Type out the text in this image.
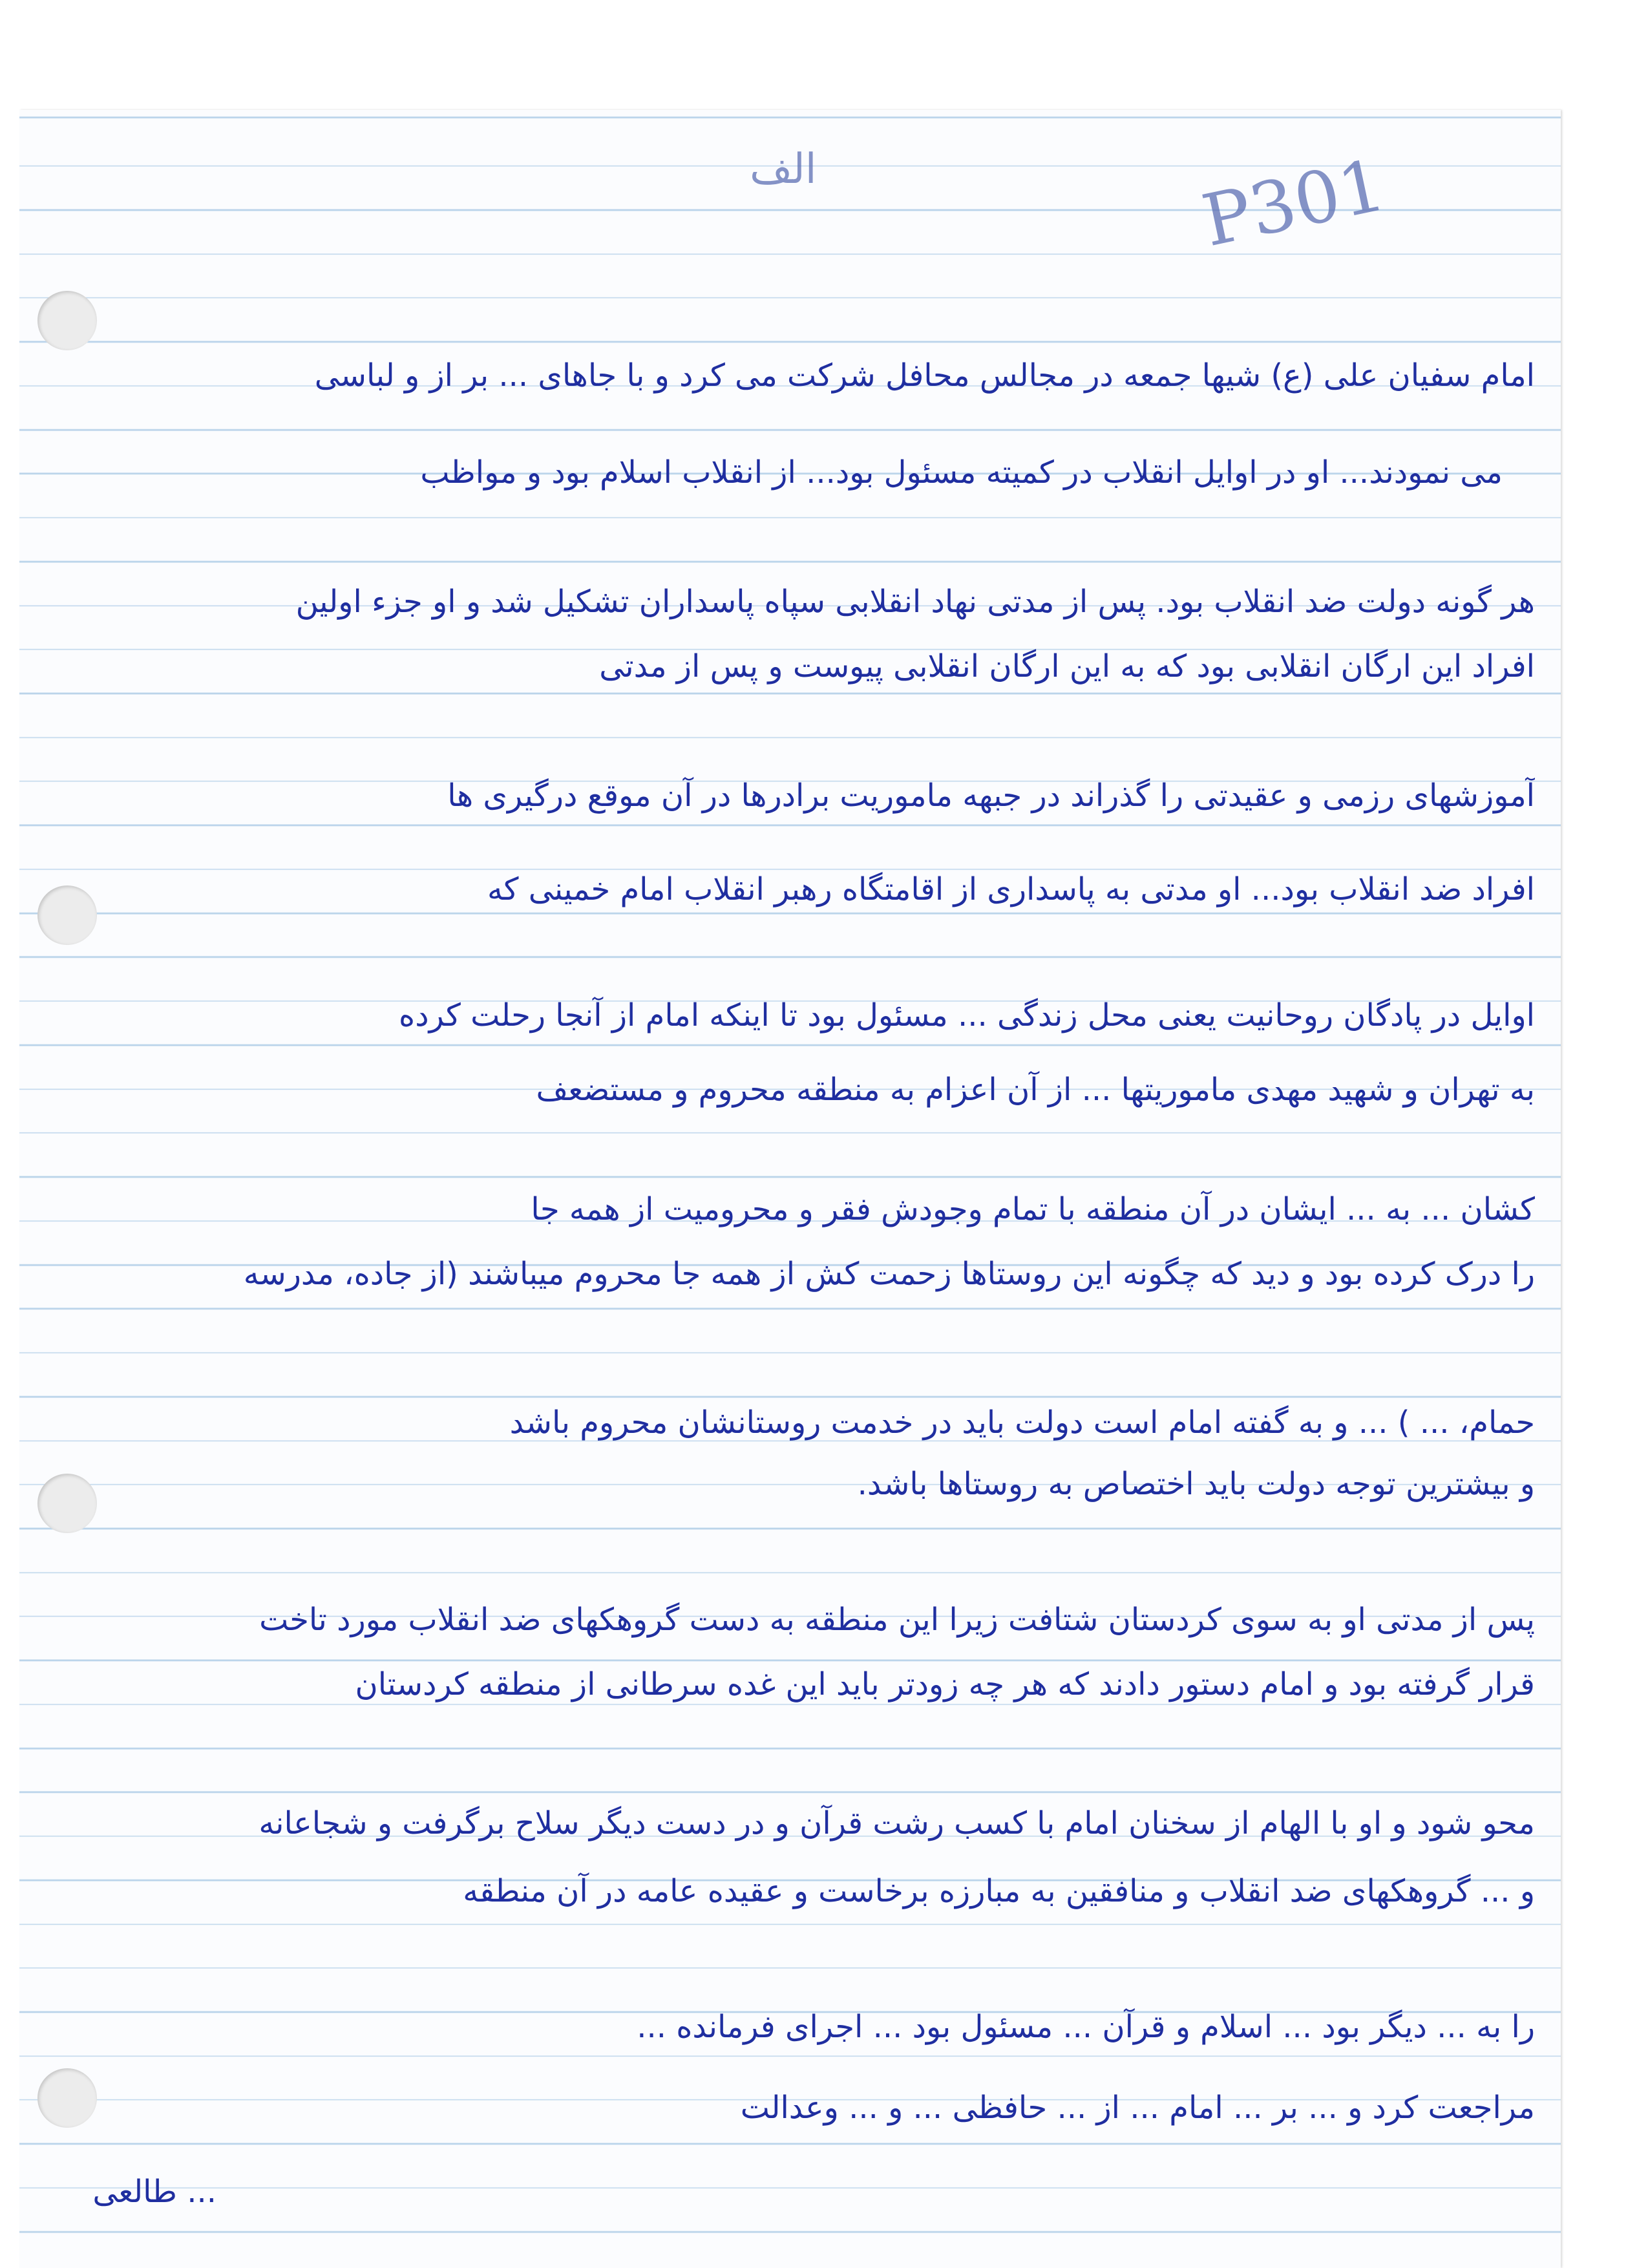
الف	P301
امام سفیان علی (ع) شیها جمعه در مجالس محافل شرکت می کرد و با جاهای ... بر از و لباسی
می نمودند... او در اوایل انقلاب در کمیته مسئول بود... از انقلاب اسلام بود و مواظب
هر گونه دولت ضد انقلاب بود. پس از مدتی نهاد انقلابی سپاه پاسداران تشکیل شد و او جزء اولین
افراد این ارگان انقلابی بود که به این ارگان انقلابی پیوست و پس از مدتی
آموزشهای رزمی و عقیدتی را گذراند در جبهه ماموریت برادرها در آن موقع درگیری ها
افراد ضد انقلاب بود... او مدتی به پاسداری از اقامتگاه رهبر انقلاب امام خمینی که
اوایل در پادگان روحانیت یعنی محل زندگی ... مسئول بود تا اینکه امام از آنجا رحلت کرده
به تهران و شهید مهدی ماموریتها ... از آن اعزام به منطقه محروم و مستضعف
کشان ... به ... ایشان در آن منطقه با تمام وجودش فقر و محرومیت از همه جا
را درک کرده بود و دید که چگونه این روستاها زحمت کش از همه جا محروم میباشند (از جاده، مدرسه
حمام، ... ) ... و به گفته امام است دولت باید در خدمت روستانشان محروم باشد
و بیشترین توجه دولت باید اختصاص به روستاها باشد.
پس از مدتی او به سوی کردستان شتافت زیرا این منطقه به دست گروهکهای ضد انقلاب مورد تاخت
قرار گرفته بود و امام دستور دادند که هر چه زودتر باید این غده سرطانی از منطقه کردستان
محو شود و او با الهام از سخنان امام با کسب رشت قرآن و در دست دیگر سلاح برگرفت و شجاعانه
و ... گروهکهای ضد انقلاب و منافقین به مبارزه برخاست و عقیده عامه در آن منطقه
را به ... دیگر بود ... اسلام و قرآن ... مسئول بود ... اجرای فرمانده ...
مراجعت کرد و ... بر ... امام ... از ... حافظی ... و ... وعدالت
... طالعی
